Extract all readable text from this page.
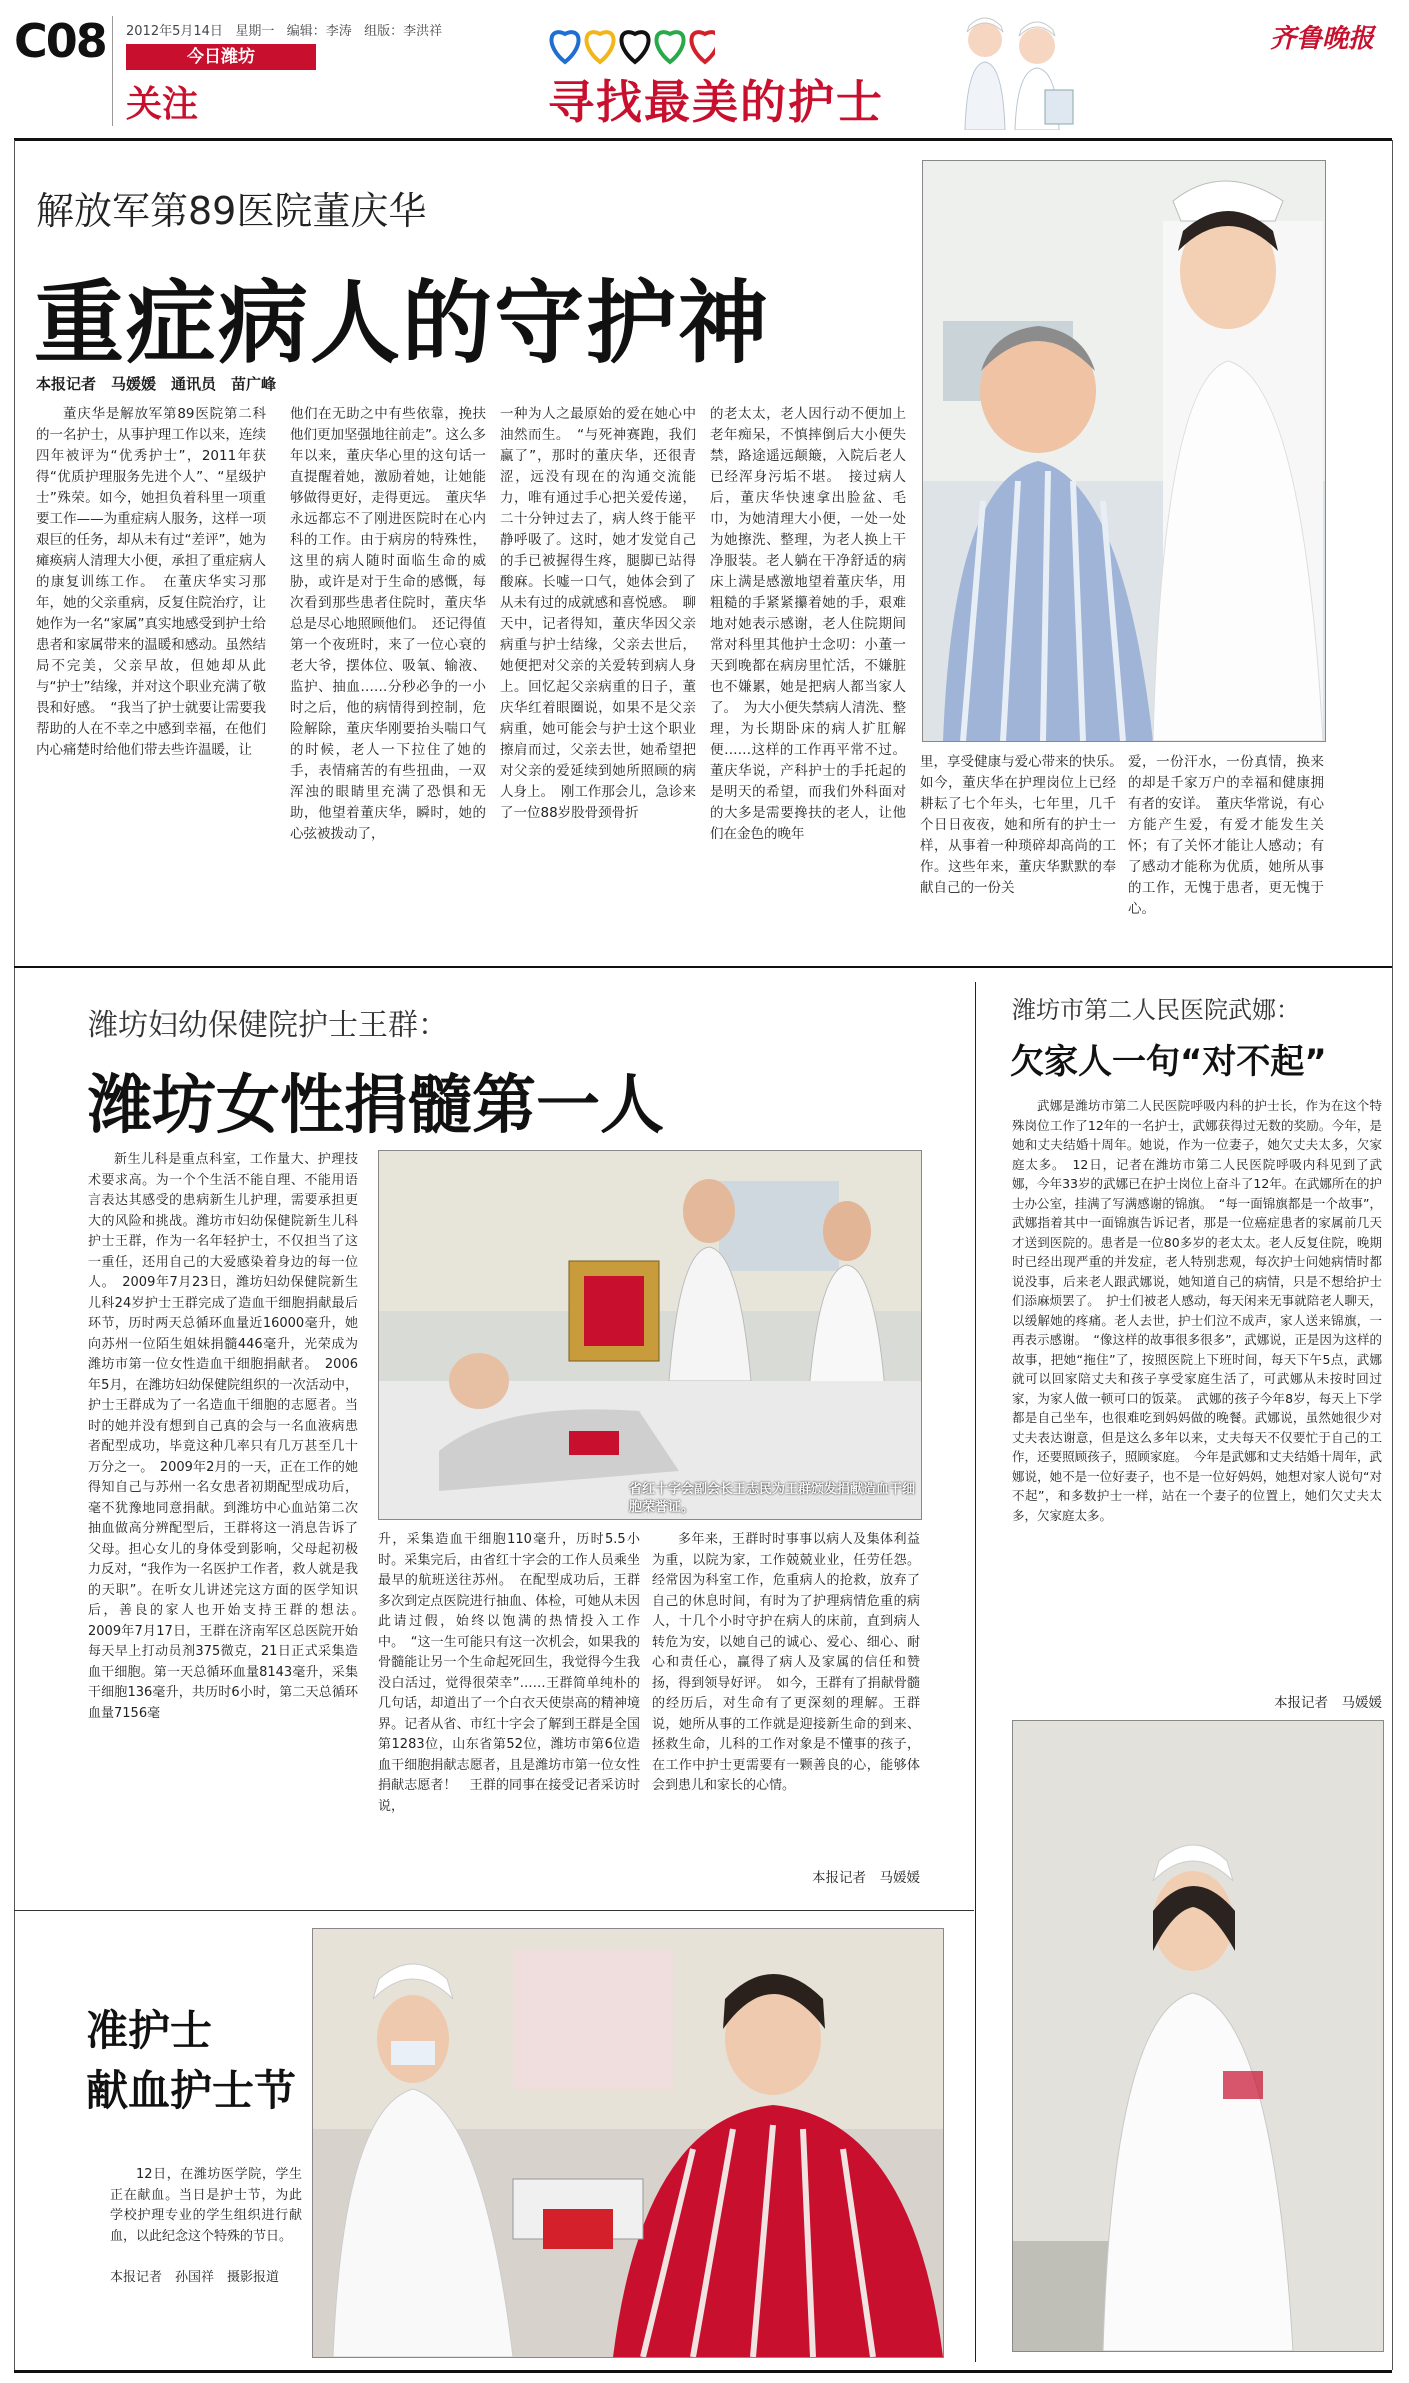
C08 2012年5月14日 星期一 编辑：李涛 组版：李洪祥
今日潍坊
关注	寻找最美的护士
齐鲁晚报
解放军第89医院董庆华
重症病人的守护神
本报记者　马媛媛　通讯员　苗广峰

董庆华是解放军第89医院第二科的一名护士，从事护理工作以来，连续四年被评为“优秀护士”，2011年获得“优质护理服务先进个人”、“星级护士”殊荣。如今，她担负着科里一项重要工作——为重症病人服务，这样一项艰巨的任务，却从未有过“差评”，她为瘫痪病人清理大小便，承担了重症病人的康复训练工作。　在董庆华实习那年，她的父亲重病，反复住院治疗，让她作为一名“家属”真实地感受到护士给患者和家属带来的温暖和感动。虽然结局不完美，父亲早故，但她却从此与“护士”结缘，并对这个职业充满了敬畏和好感。　“我当了护士就要让需要我帮助的人在不幸之中感到幸福，在他们内心痛楚时给他们带去些许温暖，让

他们在无助之中有些依靠，挽扶他们更加坚强地往前走”。这么多年以来，董庆华心里的这句话一直提醒着她，激励着她，让她能够做得更好，走得更远。　董庆华永远都忘不了刚进医院时在心内科的工作。由于病房的特殊性，这里的病人随时面临生命的威胁，或许是对于生命的感慨，每次看到那些患者住院时，董庆华总是尽心地照顾他们。　还记得值第一个夜班时，来了一位心衰的老大爷，摆体位、吸氧、输液、监护、抽血……分秒必争的一小时之后，他的病情得到控制，危险解除，董庆华刚要抬头喘口气的时候，老人一下拉住了她的手，表情痛苦的有些扭曲，一双浑浊的眼睛里充满了恐惧和无助，他望着董庆华，瞬时，她的心弦被拨动了，

一种为人之最原始的爱在她心中油然而生。　“与死神赛跑，我们赢了”，那时的董庆华，还很青涩，远没有现在的沟通交流能力，唯有通过手心把关爱传递，二十分钟过去了，病人终于能平静呼吸了。这时，她才发觉自己的手已被握得生疼，腿脚已站得酸麻。长嘘一口气，她体会到了从未有过的成就感和喜悦感。　聊天中，记者得知，董庆华因父亲病重与护士结缘，父亲去世后，她便把对父亲的关爱转到病人身上。回忆起父亲病重的日子，董庆华红着眼圈说，如果不是父亲病重，她可能会与护士这个职业擦肩而过，父亲去世，她希望把对父亲的爱延续到她所照顾的病人身上。　刚工作那会儿，急诊来了一位88岁股骨颈骨折

的老太太，老人因行动不便加上老年痴呆，不慎摔倒后大小便失禁，路途遥远颠簸，入院后老人已经浑身污垢不堪。　接过病人后，董庆华快速拿出脸盆、毛巾，为她清理大小便，一处一处为她擦洗、整理，为老人换上干净服装。老人躺在干净舒适的病床上满是感激地望着董庆华，用粗糙的手紧紧攥着她的手，艰难地对她表示感谢，老人住院期间常对科里其他护士念叨：小董一天到晚都在病房里忙活，不嫌脏也不嫌累，她是把病人都当家人了。　为大小便失禁病人清洗、整理，为长期卧床的病人扩肛解便……这样的工作再平常不过。董庆华说，产科护士的手托起的是明天的希望，而我们外科面对的大多是需要搀扶的老人，让他们在金色的晚年

里，享受健康与爱心带来的快乐。　如今，董庆华在护理岗位上已经耕耘了七个年头，七年里，几千个日日夜夜，她和所有的护士一样，从事着一种琐碎却高尚的工作。这些年来，董庆华默默的奉献自己的一份关

爱，一份汗水，一份真情，换来的却是千家万户的幸福和健康拥有者的安详。　董庆华常说，有心方能产生爱，有爱才能发生关怀；有了关怀才能让人感动；有了感动才能称为优质，她所从事的工作，无愧于患者，更无愧于心。

潍坊妇幼保健院护士王群：
潍坊女性捐髓第一人

新生儿科是重点科室，工作量大、护理技术要求高。为一个个生活不能自理、不能用语言表达其感受的患病新生儿护理，需要承担更大的风险和挑战。潍坊市妇幼保健院新生儿科护士王群，作为一名年轻护士，不仅担当了这一重任，还用自己的大爱感染着身边的每一位人。　2009年7月23日，潍坊妇幼保健院新生儿科24岁护士王群完成了造血干细胞捐献最后环节，历时两天总循环血量近16000毫升，她向苏州一位陌生姐妹捐髓446毫升，光荣成为潍坊市第一位女性造血干细胞捐献者。　2006年5月，在潍坊妇幼保健院组织的一次活动中，护士王群成为了一名造血干细胞的志愿者。当时的她并没有想到自己真的会与一名血液病患者配型成功，毕竟这种几率只有几万甚至几十万分之一。　2009年2月的一天，正在工作的她得知自己与苏州一名女患者初期配型成功后，毫不犹豫地同意捐献。到潍坊中心血站第二次抽血做高分辨配型后，王群将这一消息告诉了父母。担心女儿的身体受到影响，父母起初极力反对，“我作为一名医护工作者，救人就是我的天职”。在听女儿讲述完这方面的医学知识后，善良的家人也开始支持王群的想法。　2009年7月17日，王群在济南军区总医院开始每天早上打动员剂375微克，21日正式采集造血干细胞。第一天总循环血量8143毫升，采集干细胞136毫升，共历时6小时，第二天总循环血量7156毫

省红十字会副会长王志民为王群颁发捐献造血干细胞荣誉证。

升，采集造血干细胞110毫升，历时5.5小时。采集完后，由省红十字会的工作人员乘坐最早的航班送往苏州。　在配型成功后，王群多次到定点医院进行抽血、体检，可她从未因此请过假，始终以饱满的热情投入工作中。　“这一生可能只有这一次机会，如果我的骨髓能让另一个生命起死回生，我觉得今生我没白活过，觉得很荣幸”……王群简单纯朴的几句话，却道出了一个白衣天使崇高的精神境界。记者从省、市红十字会了解到王群是全国第1283位，山东省第52位，潍坊市第6位造血干细胞捐献志愿者，且是潍坊市第一位女性捐献志愿者！　王群的同事在接受记者采访时说，

多年来，王群时时事事以病人及集体利益为重，以院为家，工作兢兢业业，任劳任怨。经常因为科室工作，危重病人的抢救，放弃了自己的休息时间，有时为了护理病情危重的病人，十几个小时守护在病人的床前，直到病人转危为安，以她自己的诚心、爱心、细心、耐心和责任心，赢得了病人及家属的信任和赞扬，得到领导好评。　如今，王群有了捐献骨髓的经历后，对生命有了更深刻的理解。王群说，她所从事的工作就是迎接新生命的到来、拯救生命，儿科的工作对象是不懂事的孩子，在工作中护士更需要有一颗善良的心，能够体会到患儿和家长的心情。

本报记者　马媛媛
潍坊市第二人民医院武娜：
欠家人一句“对不起”

武娜是潍坊市第二人民医院呼吸内科的护士长，作为在这个特殊岗位工作了12年的一名护士，武娜获得过无数的奖励。今年，是她和丈夫结婚十周年。她说，作为一位妻子，她欠丈夫太多，欠家庭太多。　12日，记者在潍坊市第二人民医院呼吸内科见到了武娜，今年33岁的武娜已在护士岗位上奋斗了12年。在武娜所在的护士办公室，挂满了写满感谢的锦旗。　“每一面锦旗都是一个故事”，武娜指着其中一面锦旗告诉记者，那是一位癌症患者的家属前几天才送到医院的。患者是一位80多岁的老太太。老人反复住院，晚期时已经出现严重的并发症，老人特别悲观，每次护士问她病情时都说没事，后来老人跟武娜说，她知道自己的病情，只是不想给护士们添麻烦罢了。　护士们被老人感动，每天闲来无事就陪老人聊天，以缓解她的疼痛。老人去世，护士们泣不成声，家人送来锦旗，一再表示感谢。　“像这样的故事很多很多”，武娜说，正是因为这样的故事，把她“拖住”了，按照医院上下班时间，每天下午5点，武娜就可以回家陪丈夫和孩子享受家庭生活了，可武娜从未按时回过家，为家人做一顿可口的饭菜。　武娜的孩子今年8岁，每天上下学都是自己坐车，也很难吃到妈妈做的晚餐。武娜说，虽然她很少对丈夫表达谢意，但是这么多年以来，丈夫每天不仅要忙于自己的工作，还要照顾孩子，照顾家庭。　今年是武娜和丈夫结婚十周年，武娜说，她不是一位好妻子，也不是一位好妈妈，她想对家人说句“对不起”，和多数护士一样，站在一个妻子的位置上，她们欠丈夫太多，欠家庭太多。

本报记者　马媛媛
准护士
献血护士节

12日，在潍坊医学院，学生正在献血。当日是护士节，为此学校护理专业的学生组织进行献血，以此纪念这个特殊的节日。

本报记者　孙国祥　摄影报道
